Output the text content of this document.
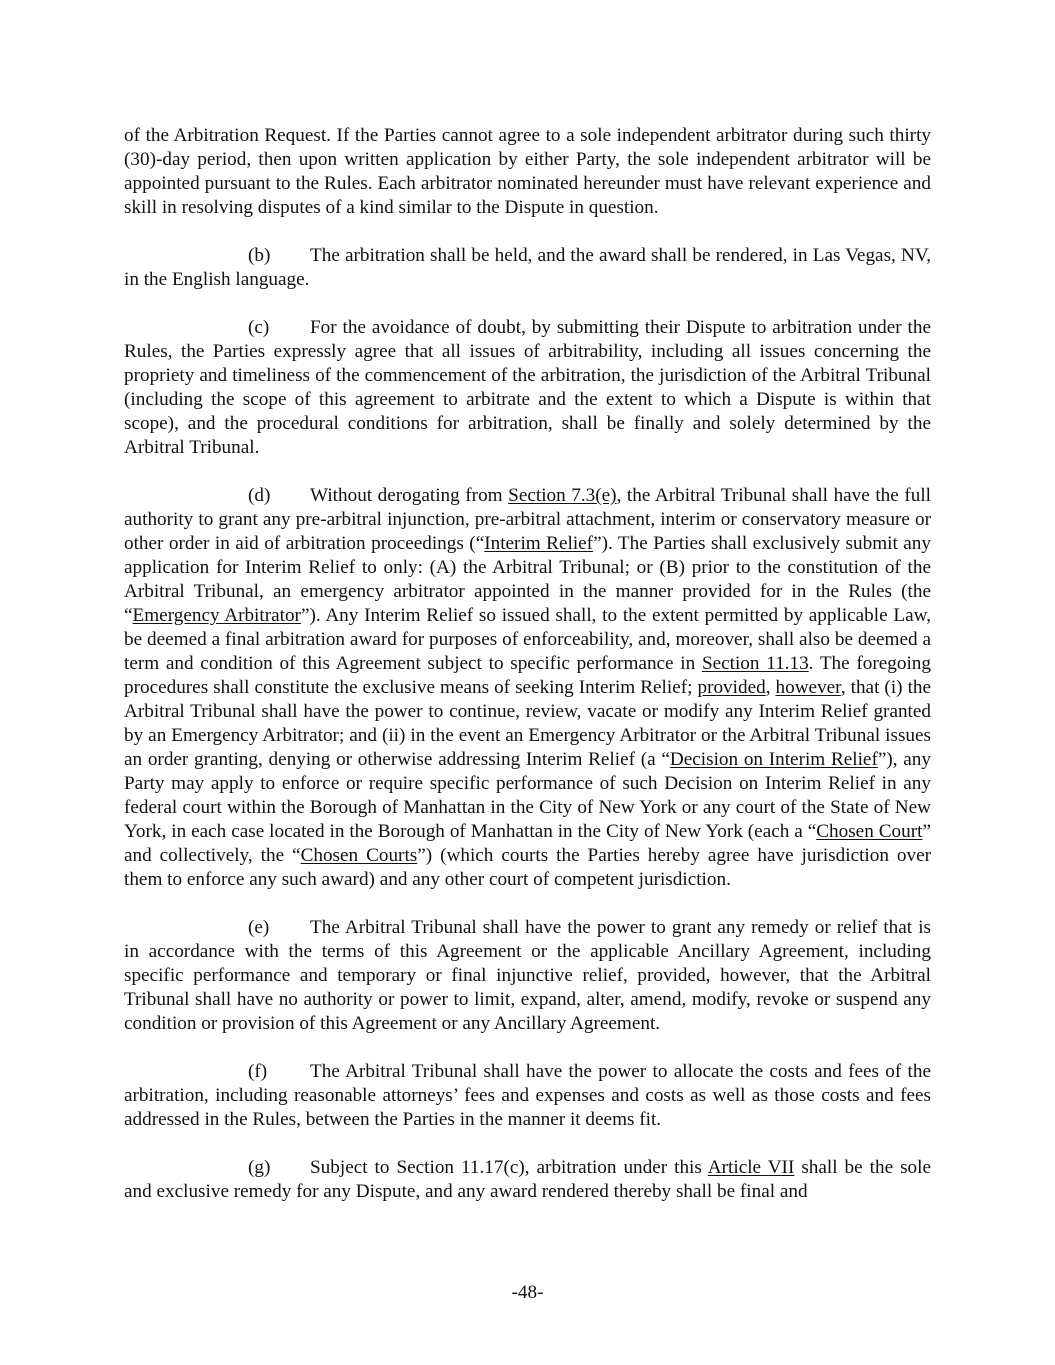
of the Arbitration Request. If the Parties cannot agree to a sole independent arbitrator during such thirty (30)-day period, then upon written application by either Party, the sole independent arbitrator will be appointed pursuant to the Rules. Each arbitrator nominated hereunder must have relevant experience and skill in resolving disputes of a kind similar to the Dispute in question.

(b) The arbitration shall be held, and the award shall be rendered, in Las Vegas, NV, in the English language.

(c) For the avoidance of doubt, by submitting their Dispute to arbitration under the Rules, the Parties expressly agree that all issues of arbitrability, including all issues concerning the propriety and timeliness of the commencement of the arbitration, the jurisdiction of the Arbitral Tribunal (including the scope of this agreement to arbitrate and the extent to which a Dispute is within that scope), and the procedural conditions for arbitration, shall be finally and solely determined by the Arbitral Tribunal.

(d) Without derogating from Section 7.3(e), the Arbitral Tribunal shall have the full authority to grant any pre-arbitral injunction, pre-arbitral attachment, interim or conservatory measure or other order in aid of arbitration proceedings (“Interim Relief”). The Parties shall exclusively submit any application for Interim Relief to only: (A) the Arbitral Tribunal; or (B) prior to the constitution of the Arbitral Tribunal, an emergency arbitrator appointed in the manner provided for in the Rules (the “Emergency Arbitrator”). Any Interim Relief so issued shall, to the extent permitted by applicable Law, be deemed a final arbitration award for purposes of enforceability, and, moreover, shall also be deemed a term and condition of this Agreement subject to specific performance in Section 11.13. The foregoing procedures shall constitute the exclusive means of seeking Interim Relief; provided, however, that (i) the Arbitral Tribunal shall have the power to continue, review, vacate or modify any Interim Relief granted by an Emergency Arbitrator; and (ii) in the event an Emergency Arbitrator or the Arbitral Tribunal issues an order granting, denying or otherwise addressing Interim Relief (a “Decision on Interim Relief”), any Party may apply to enforce or require specific performance of such Decision on Interim Relief in any federal court within the Borough of Manhattan in the City of New York or any court of the State of New York, in each case located in the Borough of Manhattan in the City of New York (each a “Chosen Court” and collectively, the “Chosen Courts”) (which courts the Parties hereby agree have jurisdiction over them to enforce any such award) and any other court of competent jurisdiction.

(e) The Arbitral Tribunal shall have the power to grant any remedy or relief that is in accordance with the terms of this Agreement or the applicable Ancillary Agreement, including specific performance and temporary or final injunctive relief, provided, however, that the Arbitral Tribunal shall have no authority or power to limit, expand, alter, amend, modify, revoke or suspend any condition or provision of this Agreement or any Ancillary Agreement.

(f) The Arbitral Tribunal shall have the power to allocate the costs and fees of the arbitration, including reasonable attorneys’ fees and expenses and costs as well as those costs and fees addressed in the Rules, between the Parties in the manner it deems fit.

(g) Subject to Section 11.17(c), arbitration under this Article VII shall be the sole and exclusive remedy for any Dispute, and any award rendered thereby shall be final and

-48-
